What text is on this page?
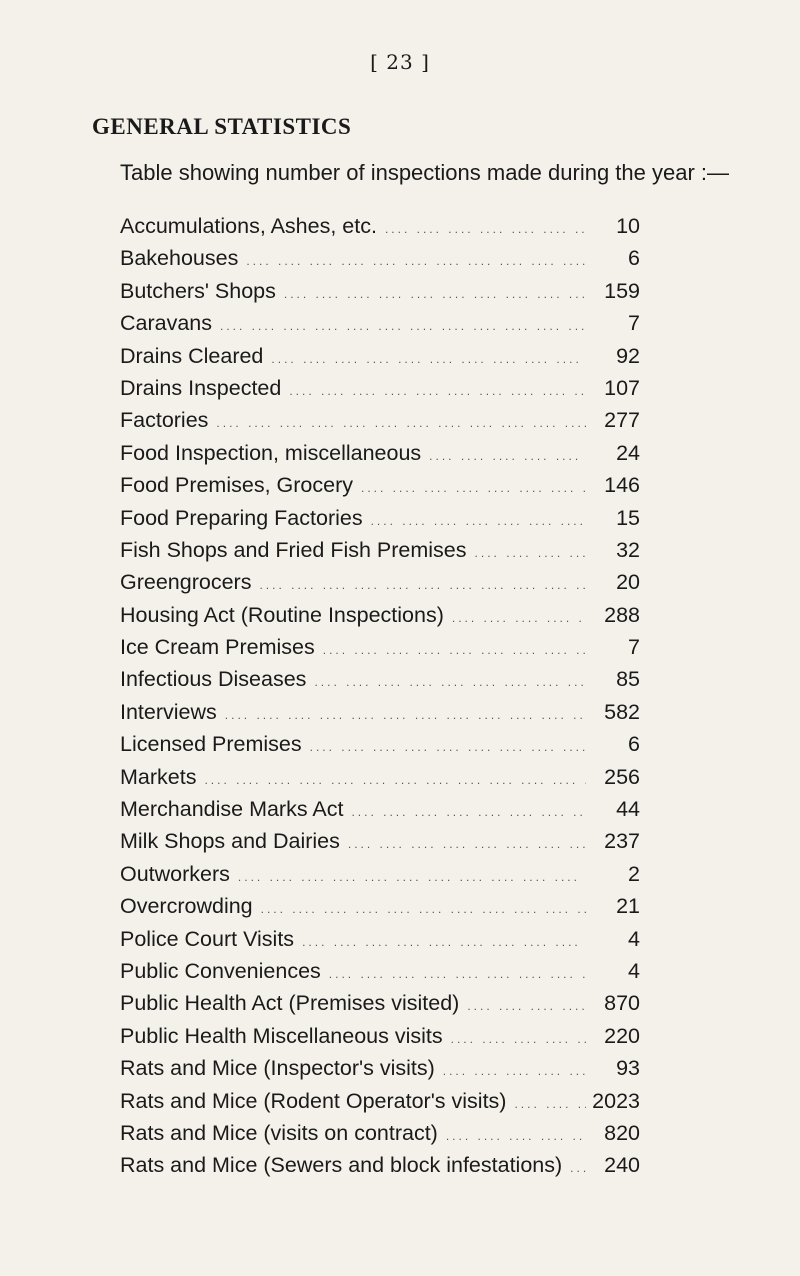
[ 23 ]
GENERAL STATISTICS
Table showing number of inspections made during the year :—
Accumulations, Ashes, etc. ....	10
Bakehouses ....	6
Butchers' Shops ....	159
Caravans ....	7
Drains Cleared ....	92
Drains Inspected ....	107
Factories ....	277
Food Inspection, miscellaneous ....	24
Food Premises, Grocery ....	146
Food Preparing Factories ....	15
Fish Shops and Fried Fish Premises ....	32
Greengrocers ....	20
Housing Act (Routine Inspections) ....	288
Ice Cream Premises ....	7
Infectious Diseases ....	85
Interviews ....	582
Licensed Premises ....	6
Markets ....	256
Merchandise Marks Act ....	44
Milk Shops and Dairies ....	237
Outworkers ....	2
Overcrowding ....	21
Police Court Visits ....	4
Public Conveniences ....	4
Public Health Act (Premises visited) ....	870
Public Health Miscellaneous visits ....	220
Rats and Mice (Inspector's visits) ....	93
Rats and Mice (Rodent Operator's visits) ....	2023
Rats and Mice (visits on contract) ....	820
Rats and Mice (Sewers and block infestations) ....	240
